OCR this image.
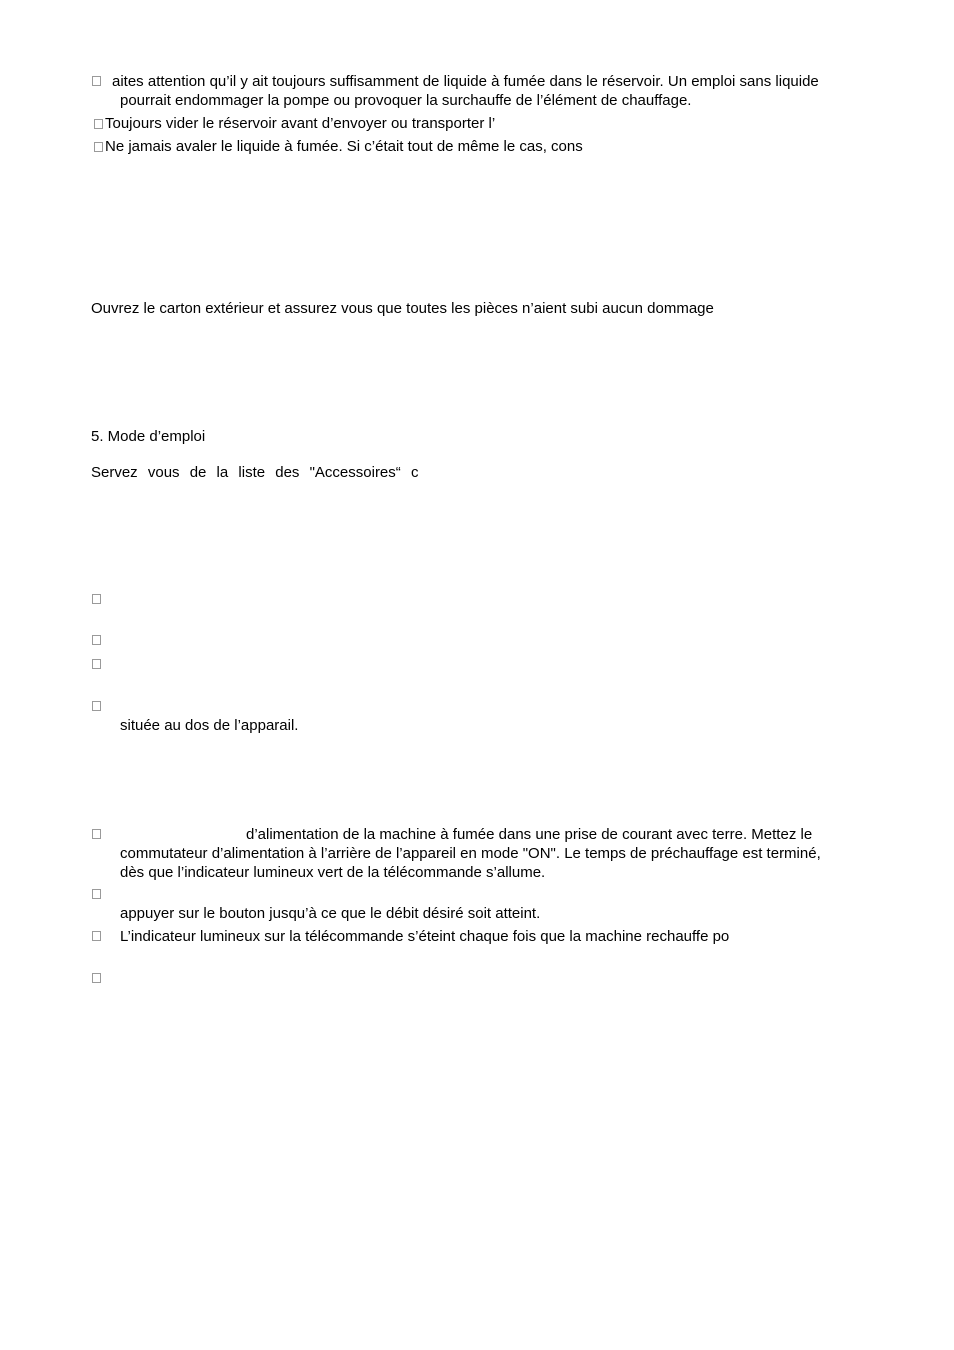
aites attention qu’il y ait toujours suffisamment de liquide à fumée dans le réservoir. Un emploi sans liquide
pourrait endommager la pompe ou provoquer la surchauffe de l’élément de chauffage.
Toujours vider le réservoir avant d’envoyer ou transporter l’
Ne jamais avaler le liquide à fumée. Si c’était tout de même le cas, cons
Ouvrez le carton extérieur et assurez vous que toutes les pièces n’aient subi aucun dommage
5. Mode d’emploi
Servez vous de la liste des "Accessoires“ c
située au dos de l’apparail.
d’alimentation de la machine à fumée dans une prise de courant avec terre. Mettez le
commutateur d’alimentation à l’arrière de l’appareil en mode "ON". Le temps de préchauffage est terminé,
dès que l’indicateur lumineux vert de la télécommande s’allume.
appuyer sur le bouton jusqu’à ce que le débit désiré soit atteint.
L’indicateur lumineux sur la télécommande s’éteint chaque fois que la machine rechauffe po
